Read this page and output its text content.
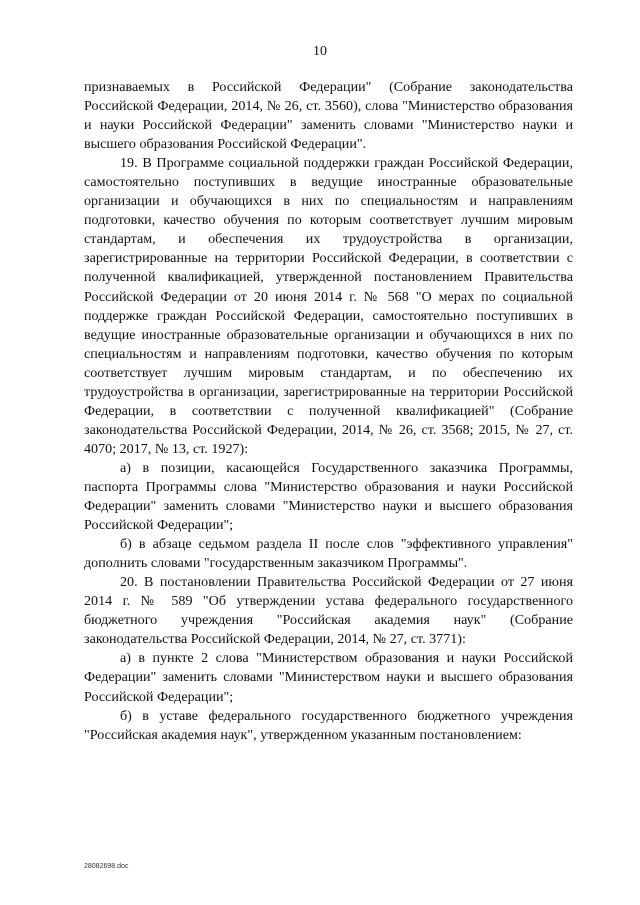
10

признаваемых в Российской Федерации" (Собрание законодательства Российской Федерации, 2014, № 26, ст. 3560), слова "Министерство образования и науки Российской Федерации" заменить словами "Министерство науки и высшего образования Российской Федерации".

19. В Программе социальной поддержки граждан Российской Федерации, самостоятельно поступивших в ведущие иностранные образовательные организации и обучающихся в них по специальностям и направлениям подготовки, качество обучения по которым соответствует лучшим мировым стандартам, и обеспечения их трудоустройства в организации, зарегистрированные на территории Российской Федерации, в соответствии с полученной квалификацией, утвержденной постановлением Правительства Российской Федерации от 20 июня 2014 г. № 568 "О мерах по социальной поддержке граждан Российской Федерации, самостоятельно поступивших в ведущие иностранные образовательные организации и обучающихся в них по специальностям и направлениям подготовки, качество обучения по которым соответствует лучшим мировым стандартам, и по обеспечению их трудоустройства в организации, зарегистрированные на территории Российской Федерации, в соответствии с полученной квалификацией" (Собрание законодательства Российской Федерации, 2014, № 26, ст. 3568; 2015, № 27, ст. 4070; 2017, № 13, ст. 1927):

а) в позиции, касающейся Государственного заказчика Программы, паспорта Программы слова "Министерство образования и науки Российской Федерации" заменить словами "Министерство науки и высшего образования Российской Федерации";

б) в абзаце седьмом раздела II после слов "эффективного управления" дополнить словами "государственным заказчиком Программы".

20. В постановлении Правительства Российской Федерации от 27 июня 2014 г. № 589 "Об утверждении устава федерального государственного бюджетного учреждения "Российская академия наук" (Собрание законодательства Российской Федерации, 2014, № 27, ст. 3771):

а) в пункте 2 слова "Министерством образования и науки Российской Федерации" заменить словами "Министерством науки и высшего образования Российской Федерации";

б) в уставе федерального государственного бюджетного учреждения "Российская академия наук", утвержденном указанным постановлением:

28082698.doc
